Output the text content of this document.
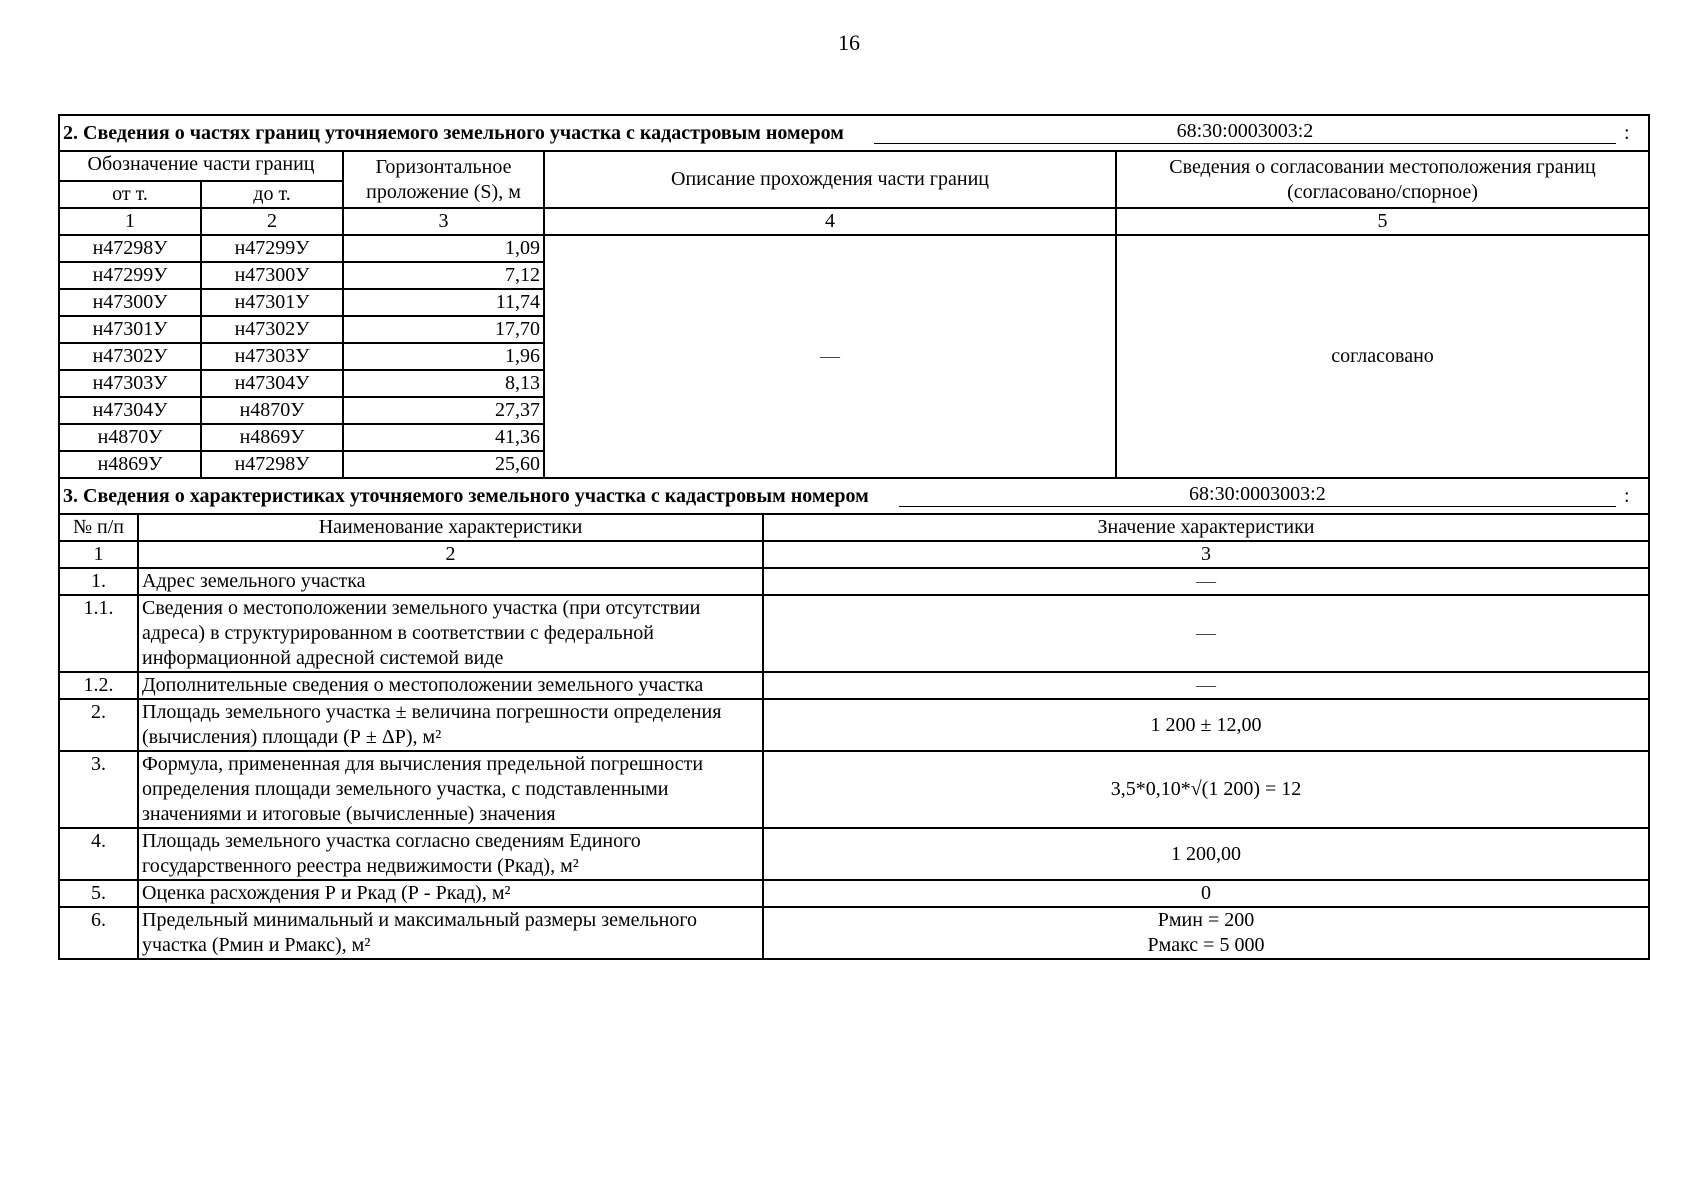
16
2. Сведения о частях границ уточняемого земельного участка с кадастровым номером 68:30:0003003:2 :				

Обозначение части границ		Горизонтальное проложение (S), м	Описание прохождения части границ	Сведения о согласовании местоположения границ (согласовано/спорное)
от т.	до т.			
1	2	3	4	5
н47298У	н47299У	1,09	—	согласовано
н47299У	н47300У	7,12		
н47300У	н47301У	11,74		
н47301У	н47302У	17,70		
н47302У	н47303У	1,96		
н47303У	н47304У	8,13		
н47304У	н4870У	27,37		
н4870У	н4869У	41,36		
н4869У	н47298У	25,60		
3. Сведения о характеристиках уточняемого земельного участка с кадастровым номером 68:30:0003003:2 :		

№ п/п	Наименование характеристики	Значение характеристики
1	2	3
1.	Адрес земельного участка	—
1.1.	Сведения о местоположении земельного участка (при отсутствии адреса) в структурированном в соответствии с федеральной информационной адресной системой виде	—
1.2.	Дополнительные сведения о местоположении земельного участка	—
2.	Площадь земельного участка ± величина погрешности определения (вычисления) площади (Р ± ΔР), м²	1 200 ± 12,00
3.	Формула, примененная для вычисления предельной погрешности определения площади земельного участка, с подставленными значениями и итоговые (вычисленные) значения	3,5*0,10*√(1 200) = 12
4.	Площадь земельного участка согласно сведениям Единого государственного реестра недвижимости (Ркад), м²	1 200,00
5.	Оценка расхождения Р и Ркад (Р - Ркад), м²	0
6.	Предельный минимальный и максимальный размеры земельного участка (Рмин и Рмакс), м²	Рмин = 200
Рмакс = 5 000
